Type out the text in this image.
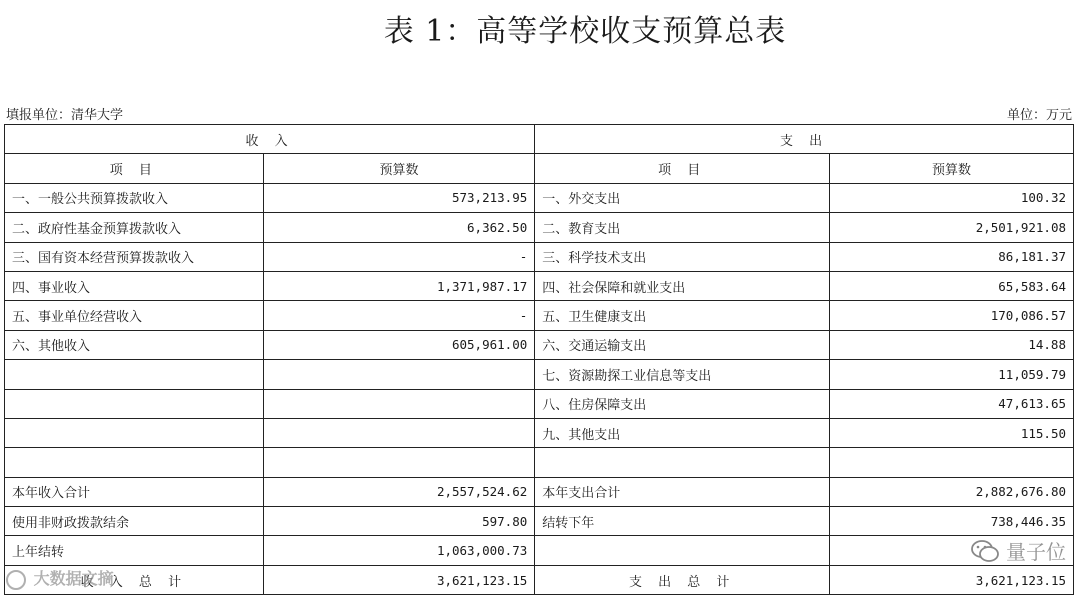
表 1：高等学校收支预算总表
填报单位：清华大学	单位：万元
收 入		支 出	
项 目	预算数	项 目	预算数
一、一般公共预算拨款收入	573,213.95	一、外交支出	100.32
二、政府性基金预算拨款收入	6,362.50	二、教育支出	2,501,921.08
三、国有资本经营预算拨款收入	-	三、科学技术支出	86,181.37
四、事业收入	1,371,987.17	四、社会保障和就业支出	65,583.64
五、事业单位经营收入	-	五、卫生健康支出	170,086.57
六、其他收入	605,961.00	六、交通运输支出	14.88
		七、资源勘探工业信息等支出	11,059.79
		八、住房保障支出	47,613.65
		九、其他支出	115.50

本年收入合计	2,557,524.62	本年支出合计	2,882,676.80
使用非财政拨款结余	597.80	结转下年	738,446.35
上年结转	1,063,000.73		
收 入 总 计	3,621,123.15	支 出 总 计	3,621,123.15
大数据文摘
量子位
